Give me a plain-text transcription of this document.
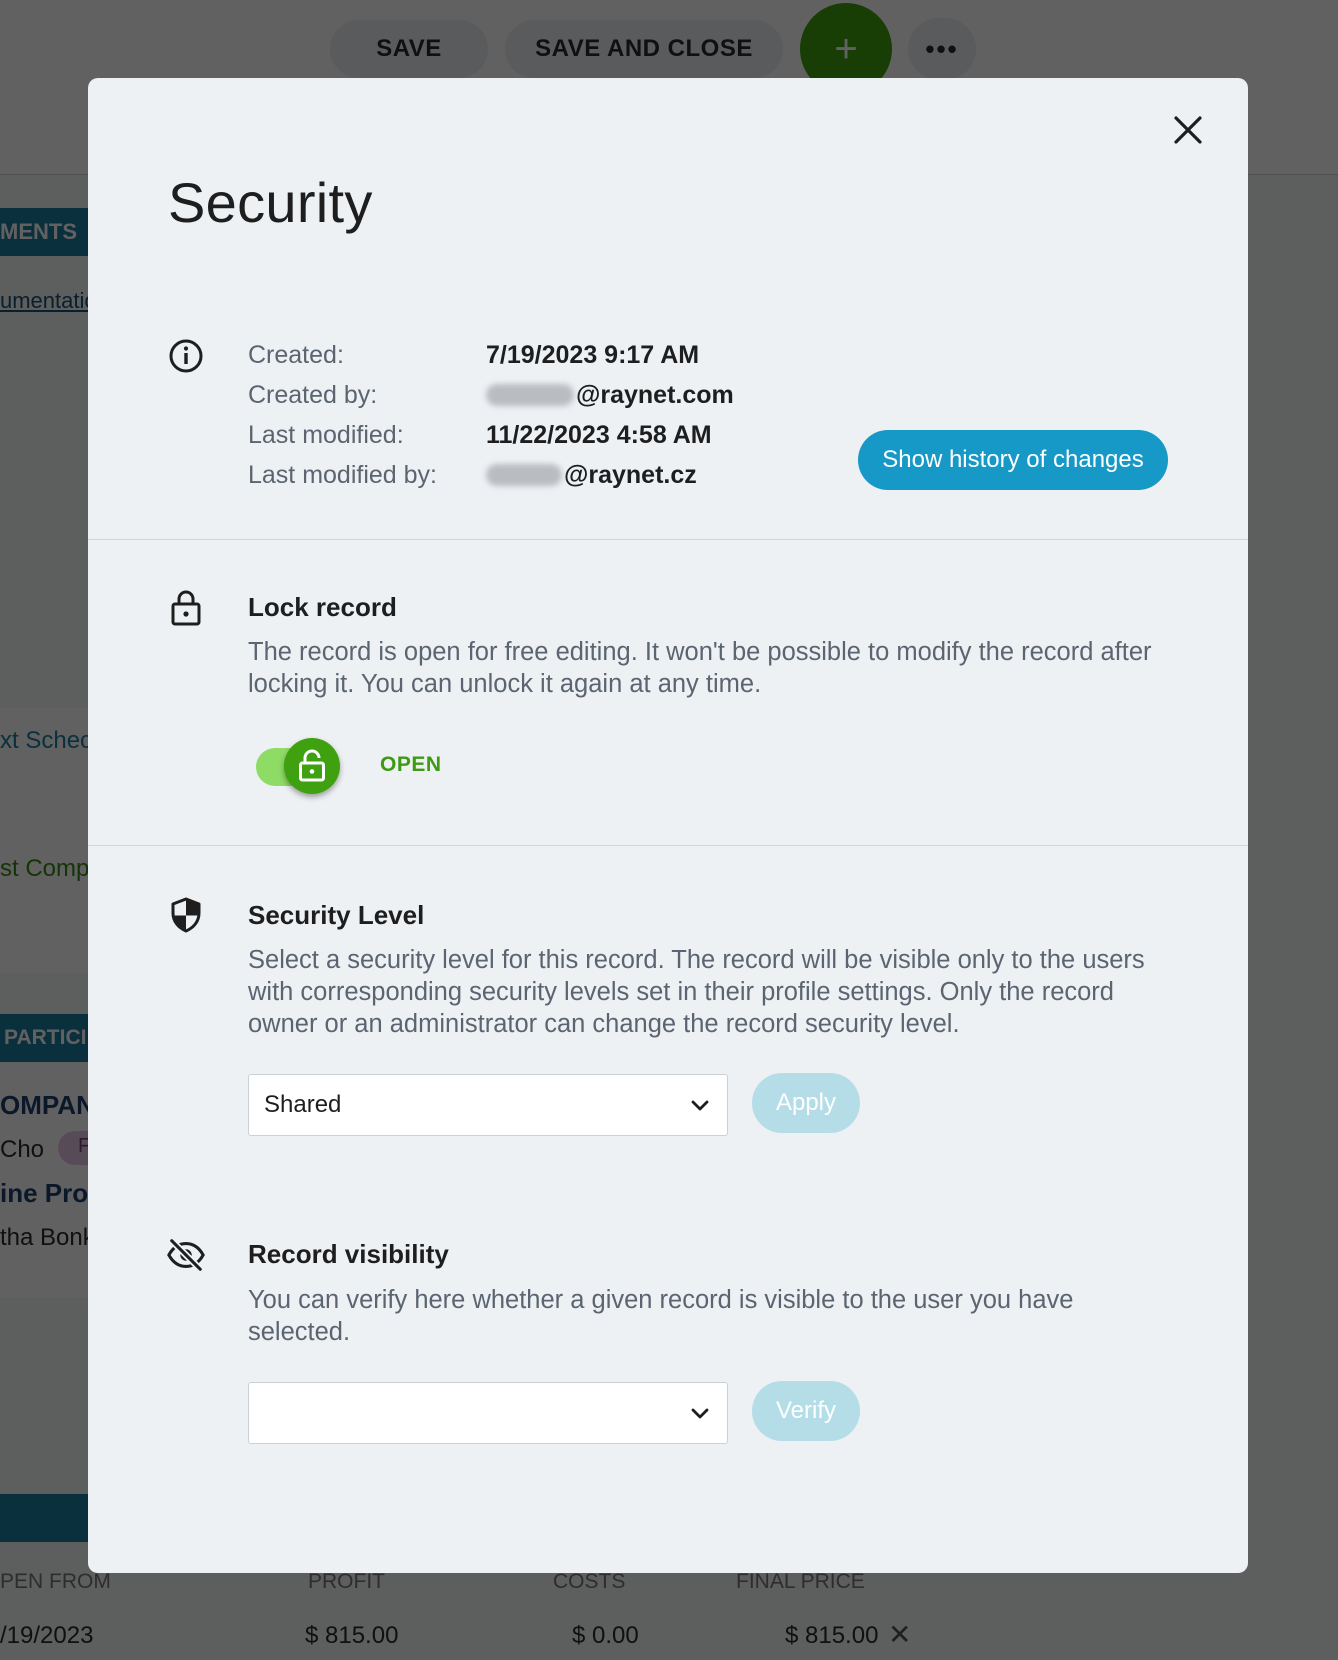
Security
Created:	7/19/2023 9:17 AM
Created by:	@raynet.com
Last modified:	11/22/2023 4:58 AM
Last modified by:	@raynet.cz
Show history of changes
Lock record
The record is open for free editing. It won't be possible to modify the record after locking it. You can unlock it again at any time.
OPEN
Security Level
Select a security level for this record. The record will be visible only to the users with corresponding security levels set in their profile settings. Only the record owner or an administrator can change the record security level.
Shared	Apply
Record visibility
You can verify here whether a given record is visible to the user you have selected.
Verify
